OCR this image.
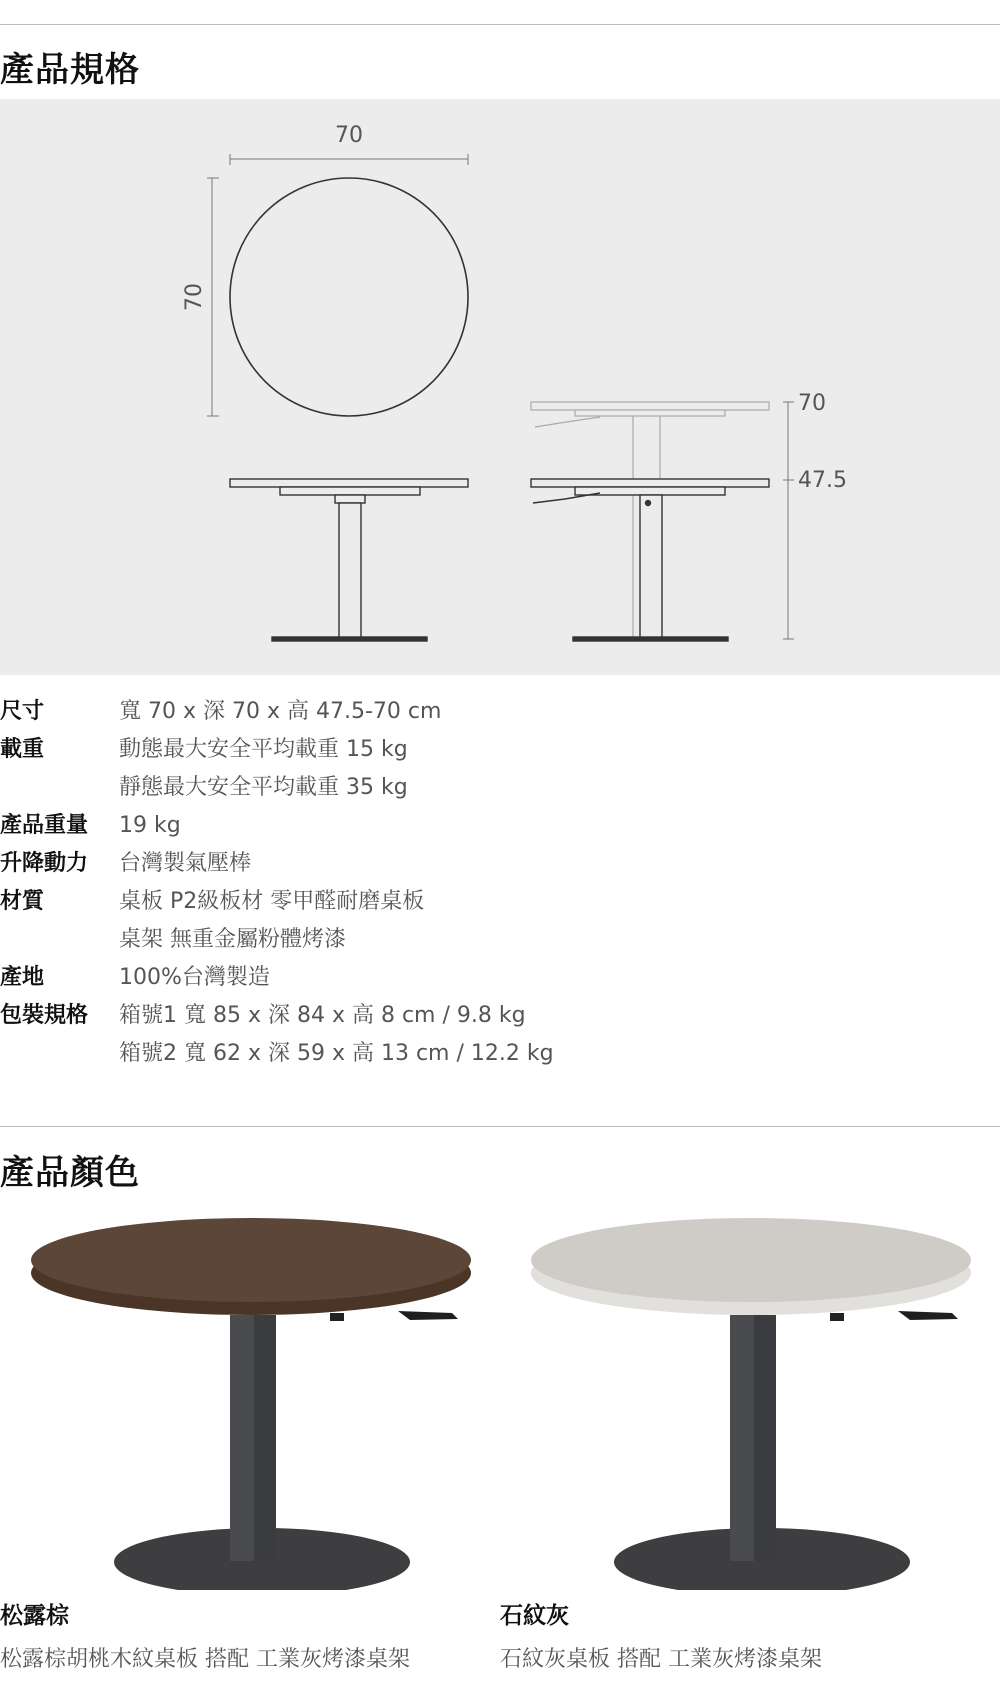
產品規格
70
70
70
47.5
尺寸	寬 70 x 深 70 x 高 47.5-70 cm
載重	動態最大安全平均載重 15 kg
靜態最大安全平均載重 35 kg
產品重量	19 kg
升降動力	台灣製氣壓棒
材質	桌板 P2級板材 零甲醛耐磨桌板
桌架 無重金屬粉體烤漆
產地	100%台灣製造
包裝規格	箱號1 寬 85 x 深 84 x 高 8 cm / 9.8 kg
箱號2 寬 62 x 深 59 x 高 13 cm / 12.2 kg
產品顏色
松露棕

松露棕胡桃木紋桌板 搭配 工業灰烤漆桌架

石紋灰

石紋灰桌板 搭配 工業灰烤漆桌架
